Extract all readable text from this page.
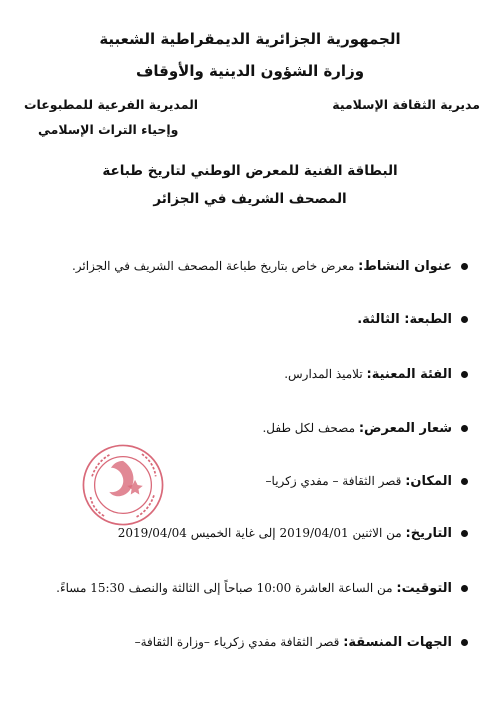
الجمهورية الجزائرية الديمقراطية الشعبية
وزارة الشؤون الدينية والأوقاف
مديرية الثقافة الإسلامية
المديرية الفرعية للمطبوعات
وإحياء التراث الإسلامي
البطاقة الفنية للمعرض الوطني لتاريخ طباعة
المصحف الشريف في الجزائر
عنوان النشاط: معرض خاص بتاريخ طباعة المصحف الشريف في الجزائر.
الطبعة: الثالثة.
الفئة المعنية: تلاميذ المدارس.
شعار المعرض: مصحف لكل طفل.
المكان: قصر الثقافة – مفدي زكريا–
التاريخ: من الاثنين 2019/04/01 إلى غاية الخميس 2019/04/04
التوقيت: من الساعة العاشرة 10:00 صباحاً إلى الثالثة والنصف 15:30 مساءً.
الجهات المنسقة: قصر الثقافة مفدي زكرياء –وزارة الثقافة–
